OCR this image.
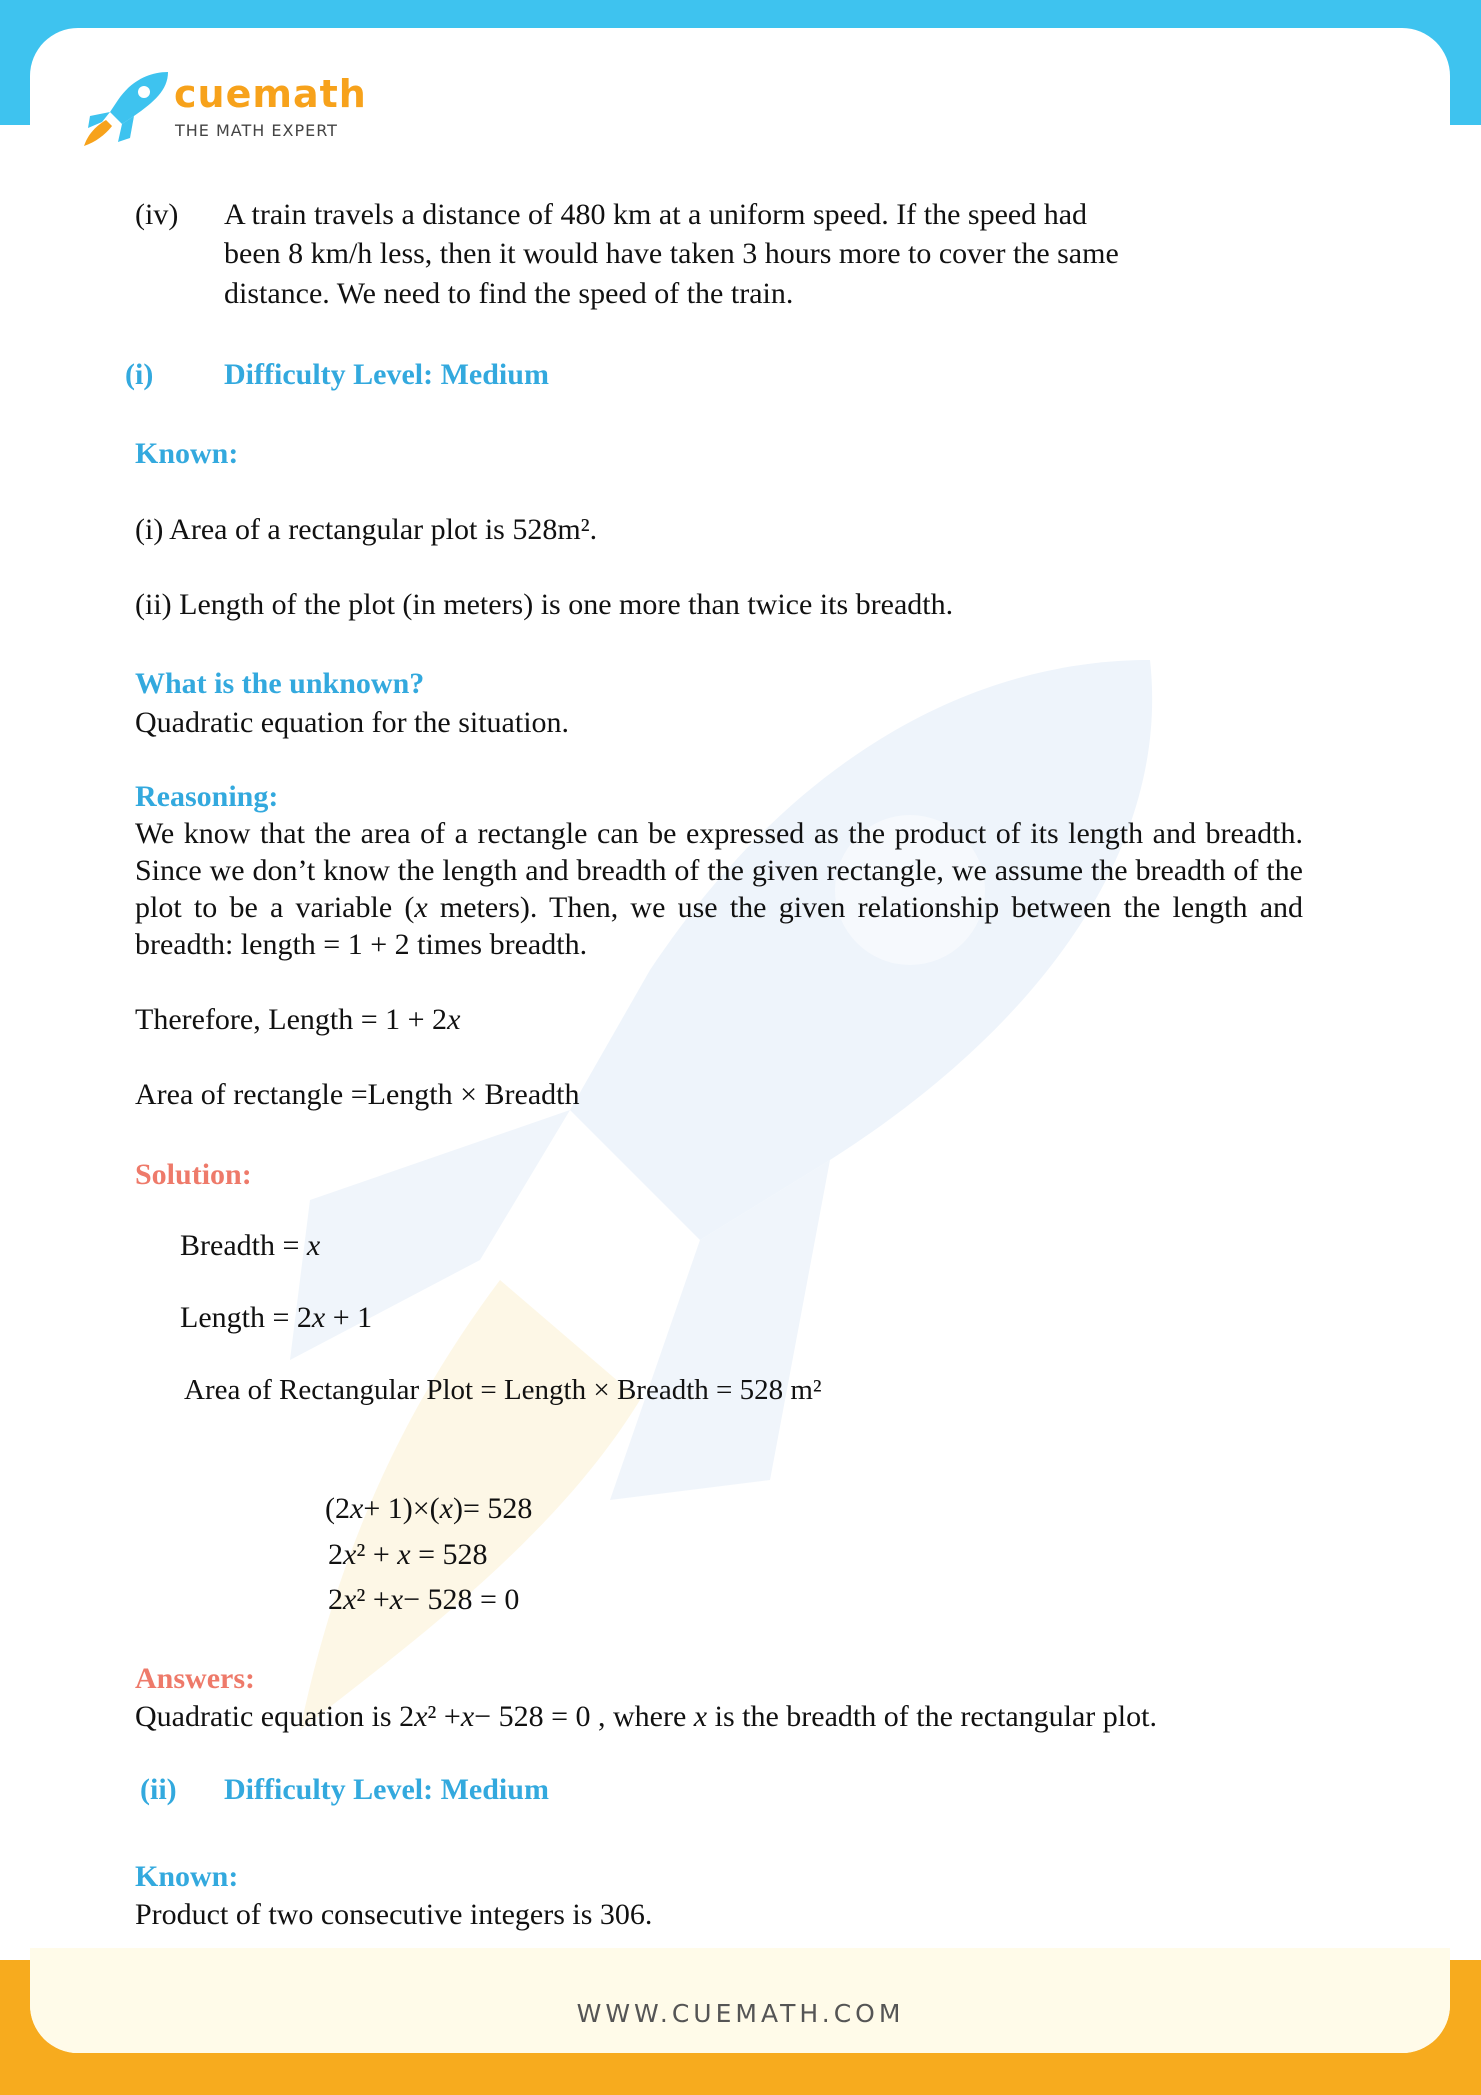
cuemath
THE MATH EXPERT
(iv) A train travels a distance of 480 km at a uniform speed. If the speed had
been 8 km/h less, then it would have taken 3 hours more to cover the same
distance. We need to find the speed of the train.
(i) Difficulty Level: Medium
Known:
(i) Area of a rectangular plot is 528m².
(ii) Length of the plot (in meters) is one more than twice its breadth.
What is the unknown?
Quadratic equation for the situation.
Reasoning:
We know that the area of a rectangle can be expressed as the product of its length and breadth. Since we don’t know the length and breadth of the given rectangle, we assume the breadth of the plot to be a variable (x meters). Then, we use the given relationship between the length and breadth: length = 1 + 2 times breadth.
Therefore, Length = 1 + 2x
Area of rectangle =Length × Breadth
Solution:
Breadth = x
Length = 2x + 1
Area of Rectangular Plot = Length × Breadth = 528 m²
(2x+ 1)×(x)= 528
2x² + x = 528
2x² +x− 528 = 0
Answers:
Quadratic equation is 2x² +x− 528 = 0 , where x is the breadth of the rectangular plot.
(ii) Difficulty Level: Medium
Known:
Product of two consecutive integers is 306.
WWW.CUEMATH.COM
